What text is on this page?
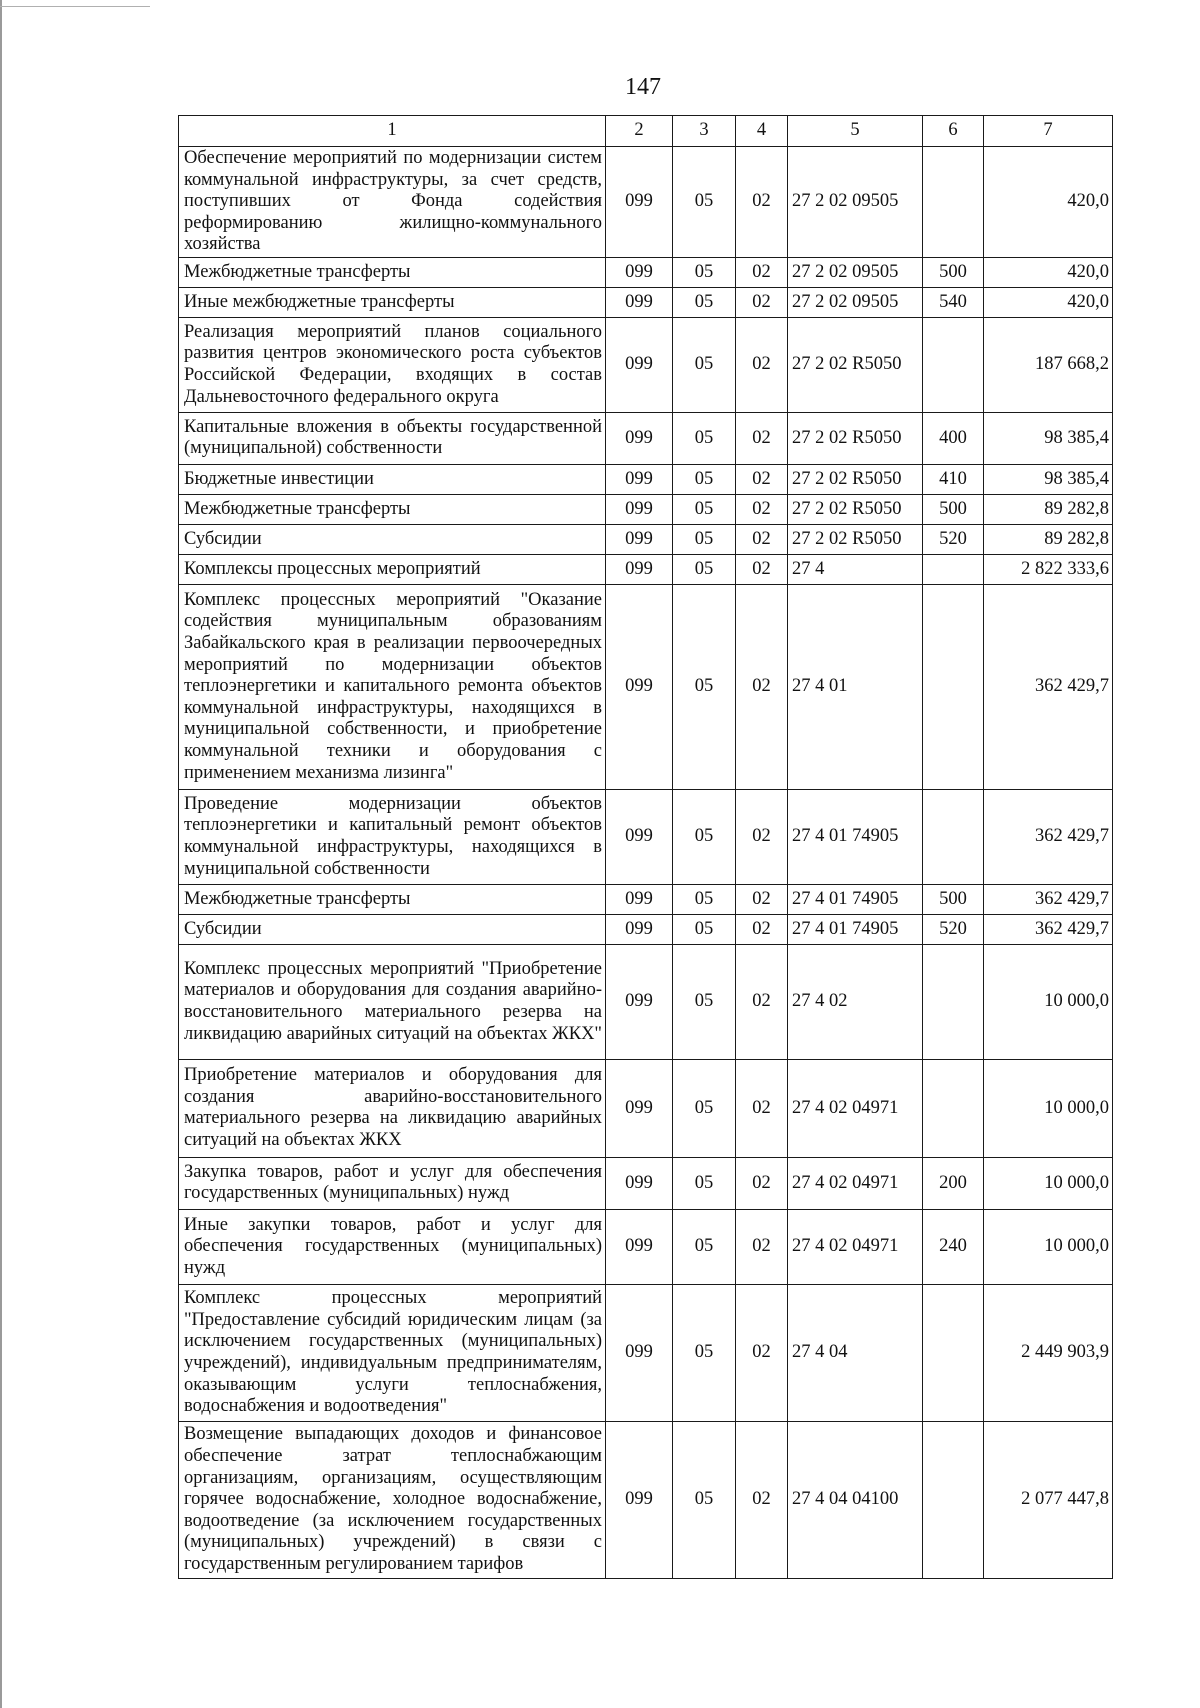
147
1	2	3	4	5	6	7
Обеспечение мероприятий по модернизации систем коммунальной инфраструктуры, за счет средств, поступивших от Фонда содействия реформированию жилищно-коммунального хозяйства	099	05	02	27 2 02 09505		420,0
Межбюджетные трансферты	099	05	02	27 2 02 09505	500	420,0
Иные межбюджетные трансферты	099	05	02	27 2 02 09505	540	420,0
Реализация мероприятий планов социального развития центров экономического роста субъектов Российской Федерации, входящих в состав Дальневосточного федерального округа	099	05	02	27 2 02 R5050		187 668,2
Капитальные вложения в объекты государственной (муниципальной) собственности	099	05	02	27 2 02 R5050	400	98 385,4
Бюджетные инвестиции	099	05	02	27 2 02 R5050	410	98 385,4
Межбюджетные трансферты	099	05	02	27 2 02 R5050	500	89 282,8
Субсидии	099	05	02	27 2 02 R5050	520	89 282,8
Комплексы процессных мероприятий	099	05	02	27 4		2 822 333,6
Комплекс процессных мероприятий "Оказание содействия муниципальным образованиям Забайкальского края в реализации первоочередных мероприятий по модернизации объектов теплоэнергетики и капитального ремонта объектов коммунальной инфраструктуры, находящихся в муниципальной собственности, и приобретение коммунальной техники и оборудования с применением механизма лизинга"	099	05	02	27 4 01		362 429,7
Проведение модернизации объектов теплоэнергетики и капитальный ремонт объектов коммунальной инфраструктуры, находящихся в муниципальной собственности	099	05	02	27 4 01 74905		362 429,7
Межбюджетные трансферты	099	05	02	27 4 01 74905	500	362 429,7
Субсидии	099	05	02	27 4 01 74905	520	362 429,7
Комплекс процессных мероприятий "Приобретение материалов и оборудования для создания аварийно-восстановительного материального резерва на ликвидацию аварийных ситуаций на объектах ЖКХ"	099	05	02	27 4 02		10 000,0
Приобретение материалов и оборудования для создания аварийно-восстановительного материального резерва на ликвидацию аварийных ситуаций на объектах ЖКХ	099	05	02	27 4 02 04971		10 000,0
Закупка товаров, работ и услуг для обеспечения государственных (муниципальных) нужд	099	05	02	27 4 02 04971	200	10 000,0
Иные закупки товаров, работ и услуг для обеспечения государственных (муниципальных) нужд	099	05	02	27 4 02 04971	240	10 000,0
Комплекс процессных мероприятий "Предоставление субсидий юридическим лицам (за исключением государственных (муниципальных) учреждений), индивидуальным предпринимателям, оказывающим услуги теплоснабжения, водоснабжения и водоотведения"	099	05	02	27 4 04		2 449 903,9
Возмещение выпадающих доходов и финансовое обеспечение затрат теплоснабжающим организациям, организациям, осуществляющим горячее водоснабжение, холодное водоснабжение, водоотведение (за исключением государственных (муниципальных) учреждений) в связи с государственным регулированием тарифов	099	05	02	27 4 04 04100		2 077 447,8
